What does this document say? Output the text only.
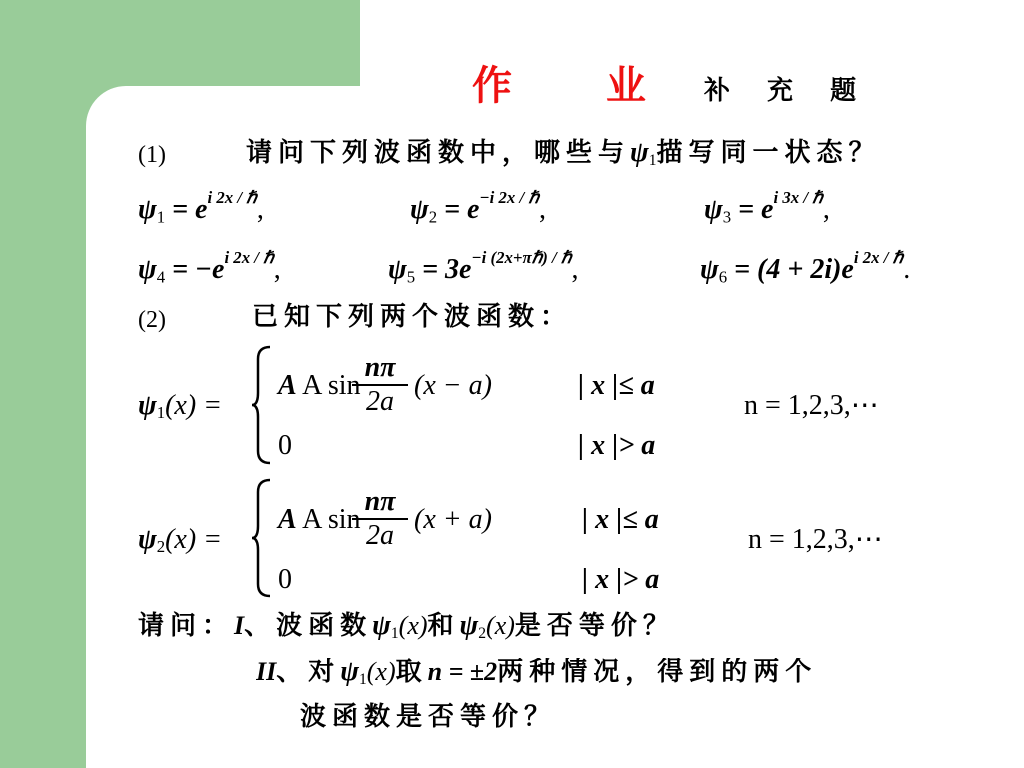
作 业 补 充 题
(1)	请问下列波函数中，哪些与$\psi_1$描写同一状态？
$\psi_1 = e^{i 2x / \hbar}$,	$\psi_2 = e^{-i 2x / \hbar}$,	$\psi_3 = e^{i 3x / \hbar}$,
$\psi_4 = -e^{i 2x / \hbar}$,	$\psi_5 = 3e^{-i (2x+\pi\hbar) / \hbar}$,	$\psi_6 = (4 + 2i)e^{i 2x / \hbar}$.
(2)	已知下列两个波函数：
$\psi_1(x)$ =
A A sin
$\frac{n\pi}{2a} (x - a)$	| x |≤ a
0	| x |> a
n = 1,2,3,⋯
$\psi_2(x)$ =
A A sin
$\frac{n\pi}{2a} (x + a)$	| x |≤ a
0	| x |> a
n = 1,2,3,⋯
请问：I、波函数$\psi_1(x)$和$\psi_2(x)$是否等价？
II、对$\psi_1(x)$取n = ±2两种情况，得到的两个
波函数是否等价？
